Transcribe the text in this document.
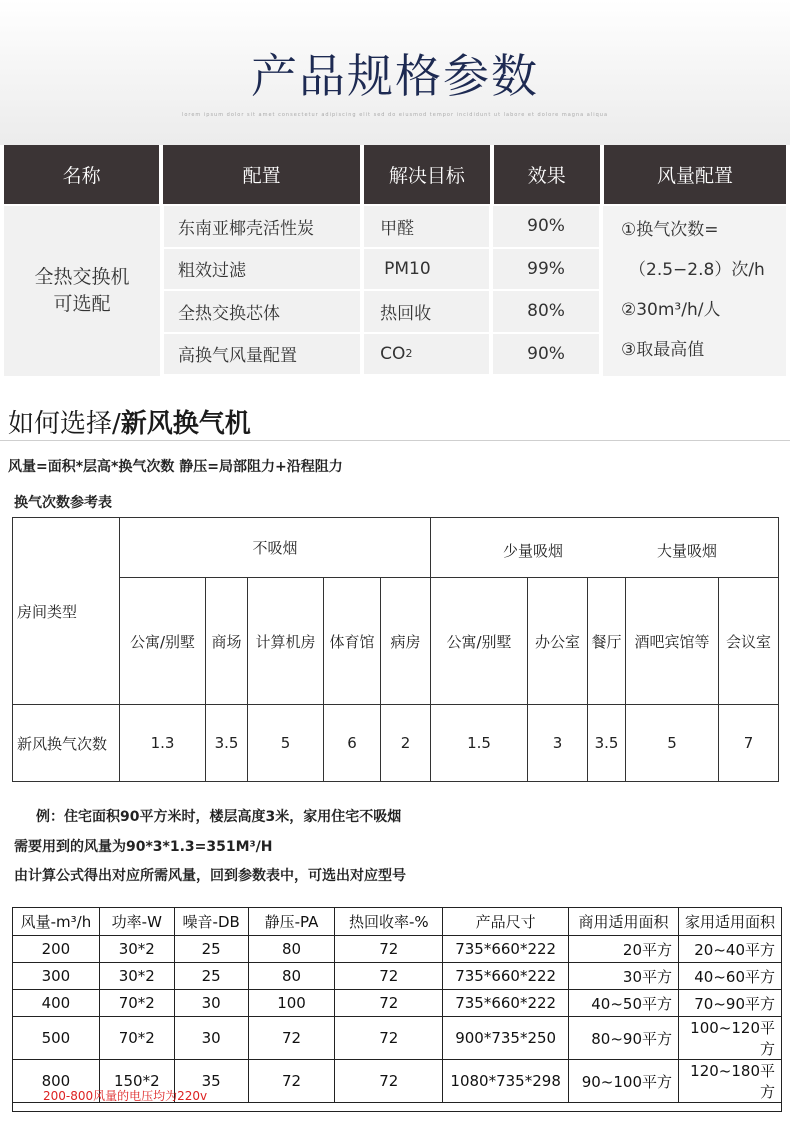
产品规格参数
lorem ipsum dolor sit amet consectetur adipiscing elit sed do eiusmod tempor incididunt ut labore et dolore magna aliqua
名称	配置	解决目标	效果	风量配置
全热交换机
可选配
东南亚椰壳活性炭	甲醛	90%
粗效过滤	PM10	99%
全热交换芯体	热回收	80%
高换气风量配置	CO 2	90%
①换气次数=
（2.5−2.8）次/h
②30m³/h/人
③取最高值
如何选择/新风换气机
风量=面积*层高*换气次数 静压=局部阻力+沿程阻力
换气次数参考表
房间类型	不吸烟					少量吸烟 大量吸烟				

	公寓/别墅	商场	计算机房	体育馆	病房	公寓/别墅	办公室	餐厅	酒吧宾馆等	会议室
新风换气次数	1.3	3.5	5	6	2	1.5	3	3.5	5	7
例：住宅面积90平方米时，楼层高度3米，家用住宅不吸烟
需要用到的风量为90*3*1.3=351M³/H
由计算公式得出对应所需风量，回到参数表中，可选出对应型号
风量-m³/h	功率-W	噪音-DB	静压-PA	热回收率-%	产品尺寸	商用适用面积	家用适用面积
200	30*2	25	80	72	735*660*222	20平方	20~40平方
300	30*2	25	80	72	735*660*222	30平方	40~60平方
400	70*2	30	100	72	735*660*222	40~50平方	70~90平方
500	70*2	30	72	72	900*735*250	80~90平方	100~120平方
800	150*2	35	72	72	1080*735*298	90~100平方	120~180平方
200-800风量的电压均为220v
